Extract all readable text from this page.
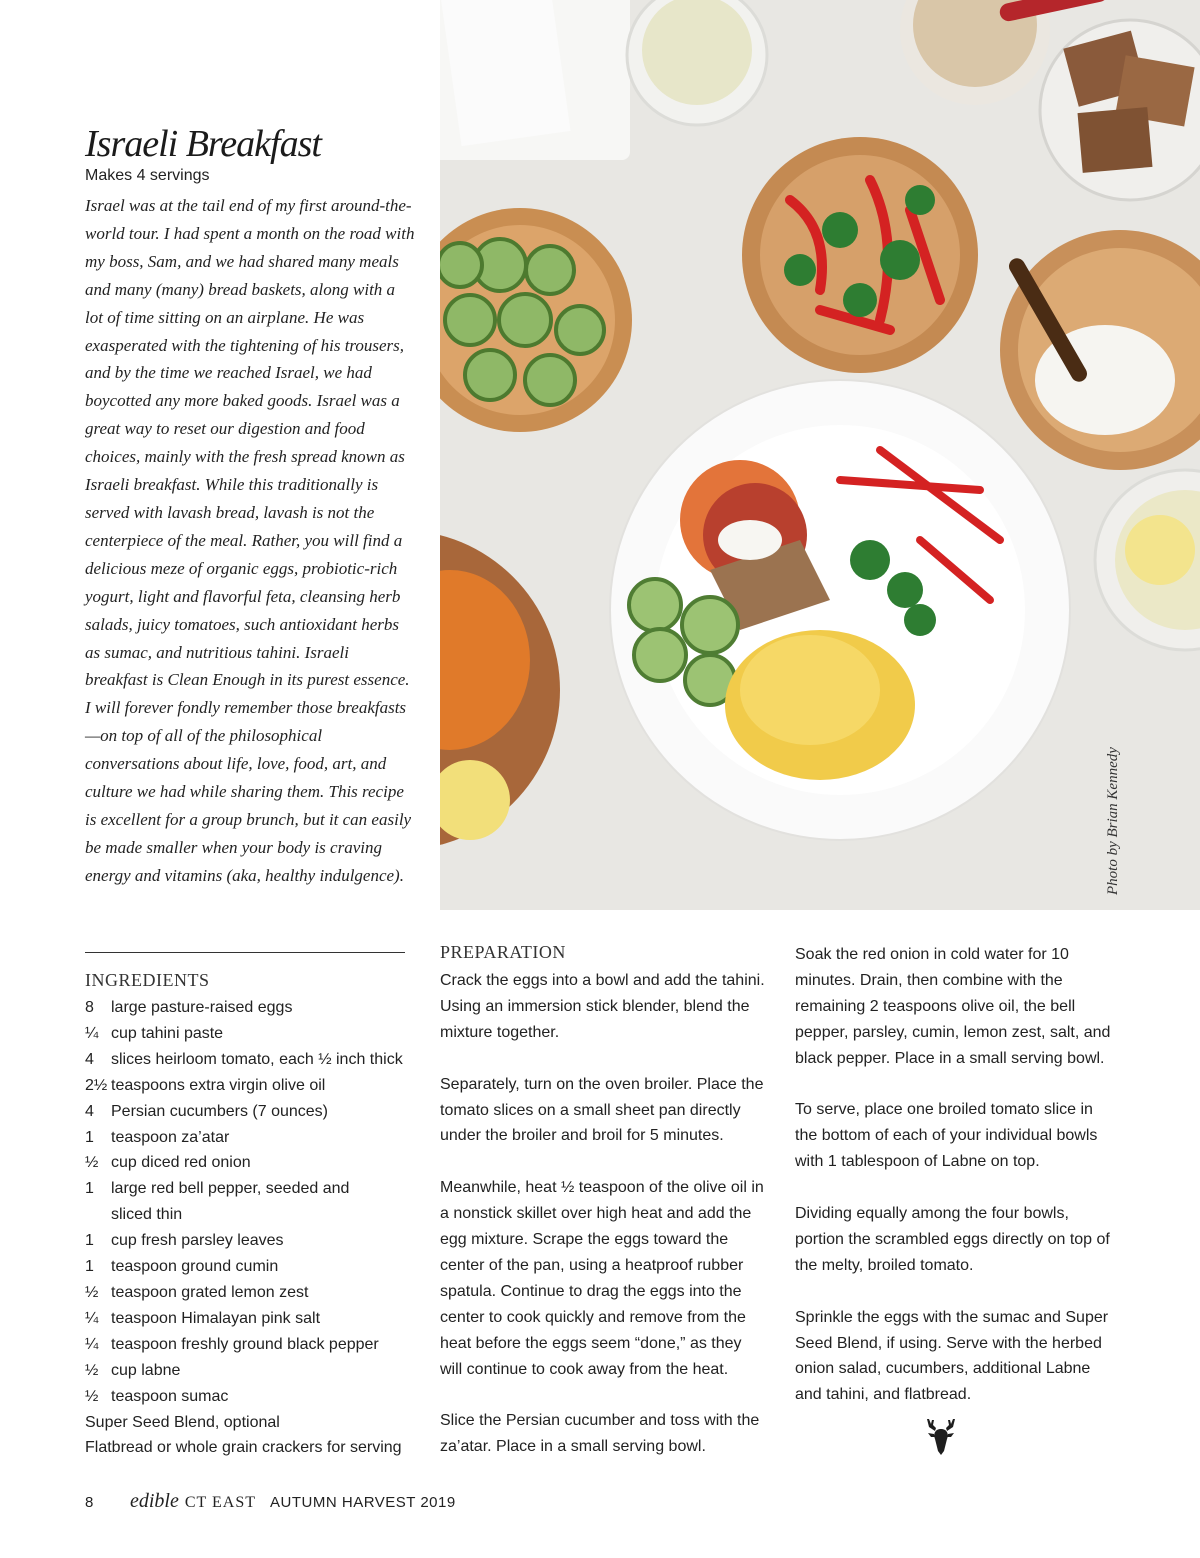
Photo by Brian Kennedy
Israeli Breakfast
Makes 4 servings
Israel was at the tail end of my first around-the-world tour. I had spent a month on the road with my boss, Sam, and we had shared many meals and many (many) bread baskets, along with a lot of time sitting on an airplane. He was exasperated with the tightening of his trousers, and by the time we reached Israel, we had boycotted any more baked goods. Israel was a great way to reset our digestion and food choices, mainly with the fresh spread known as Israeli breakfast. While this traditionally is served with lavash bread, lavash is not the centerpiece of the meal. Rather, you will find a delicious meze of organic eggs, probiotic-rich yogurt, light and flavorful feta, cleansing herb salads, juicy tomatoes, such antioxidant herbs as sumac, and nutritious tahini. Israeli breakfast is Clean Enough in its purest essence. I will forever fondly remember those breakfasts—on top of all of the philosophical conversations about life, love, food, art, and culture we had while sharing them. This recipe is excellent for a group brunch, but it can easily be made smaller when your body is craving energy and vitamins (aka, healthy indulgence).
INGREDIENTS
8	large pasture-raised eggs
¼ cup tahini paste
4	slices heirloom tomato, each ½ inch thick
2½ teaspoons extra virgin olive oil
4	Persian cucumbers (7 ounces)
1	teaspoon za’atar
½ cup diced red onion
1	large red bell pepper, seeded and
sliced thin
1	cup fresh parsley leaves
1	teaspoon ground cumin
½ teaspoon grated lemon zest
¼ teaspoon Himalayan pink salt
¼ teaspoon freshly ground black pepper
½ cup labne
½ teaspoon sumac
Super Seed Blend, optional
Flatbread or whole grain crackers for serving
PREPARATION

Crack the eggs into a bowl and add the tahini. Using an immersion stick blender, blend the mixture together.

Separately, turn on the oven broiler. Place the tomato slices on a small sheet pan directly under the broiler and broil for 5 minutes.

Meanwhile, heat ½ teaspoon of the olive oil in a nonstick skillet over high heat and add the egg mixture. Scrape the eggs toward the center of the pan, using a heatproof rubber spatula. Continue to drag the eggs into the center to cook quickly and remove from the heat before the eggs seem “done,” as they will continue to cook away from the heat.

Slice the Persian cucumber and toss with the za’atar. Place in a small serving bowl.

Soak the red onion in cold water for 10 minutes. Drain, then combine with the remaining 2 teaspoons olive oil, the bell pepper, parsley, cumin, lemon zest, salt, and black pepper. Place in a small serving bowl.

To serve, place one broiled tomato slice in the bottom of each of your individual bowls with 1 tablespoon of Labne on top.

Dividing equally among the four bowls, portion the scrambled eggs directly on top of the melty, broiled tomato.

Sprinkle the eggs with the sumac and Super Seed Blend, if using. Serve with the herbed onion salad, cucumbers, additional Labne and tahini, and flatbread.

8	edible CT EAST AUTUMN HARVEST 2019
